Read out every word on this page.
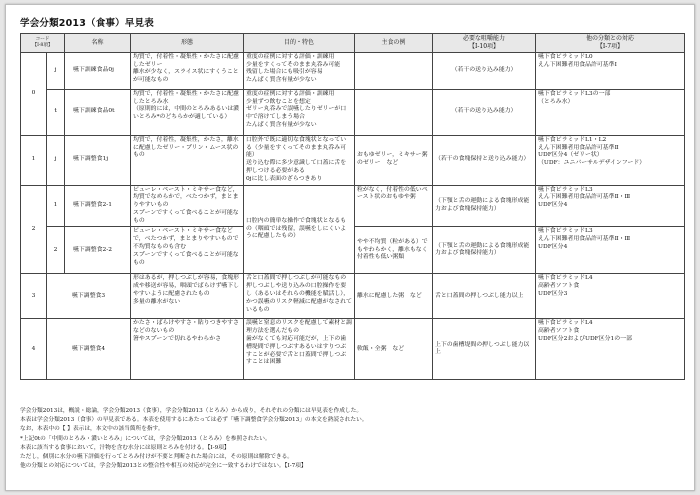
学会分類2013（食事）早見表
コード
【I-8項】		名称	形態	目的・特色	主食の例	必要な咀嚼能力
【I-10項】	他の分類との対応
【I-7項】
0	j	嚥下訓練食品0j	均質で，付着性・凝集性・かたさに配慮したゼリー
離水が少なく，スライス状にすくうことが可能なもの	重度の症例に対する評価・訓練用
少量をすくってそのまま丸呑み可能
残留した場合にも吸引が容易
たんぱく質含有量が少ない		（若干の送り込み能力）	嚥下食ピラミッドL0
えん下困難者用食品許可基準Ⅰ
	t	嚥下訓練食品0t	均質で，付着性・凝集性・かたさに配慮したとろみ水
（原則的には，中間のとろみあるいは濃いとろみ*のどちらかが適している）	重度の症例に対する評価・訓練用
少量ずつ飲むことを想定
ゼリー丸呑みで誤嚥したりゼリーが口中で溶けてしまう場合
たんぱく質含有量が少ない		（若干の送り込み能力）	嚥下食ピラミッドL3の一部
（とろみ水）
1	j	嚥下調整食1j	均質で，付着性，凝集性，かたさ，離水に配慮したゼリー・プリン・ムース状のもの	口腔外で既に適切な食塊状となっている（少量をすくってそのまま丸呑み可能）
送り込む際に多少意識して口蓋に舌を押しつける必要がある
0jに比し表面のざらつきあり	おもゆゼリー，ミキサー粥のゼリー　など	（若干の食塊保持と送り込み能力）	嚥下食ピラミッドL1・L2
えん下困難者用食品許可基準Ⅱ
UDF区分4（ゼリー状）
（UDF：ユニバーサルデザインフード）
2	1	嚥下調整食2-1	ピューレ・ペースト・ミキサー食など，均質でなめらかで，べたつかず，まとまりやすいもの
スプーンですくって食べることが可能なもの	口腔内の簡単な操作で食塊状となるもの（咽頭では残留，誤嚥をしにくいように配慮したもの）	粒がなく，付着性の低いペースト状のおもゆや粥	（下顎と舌の運動による食塊形成能力および食塊保持能力）	嚥下食ピラミッドL3
えん下困難者用食品許可基準Ⅱ・Ⅲ
UDF区分4
	2	嚥下調整食2-2	ピューレ・ペースト・ミキサー食などで，べたつかず，まとまりやすいもので不均質なものも含む
スプーンですくって食べることが可能なもの		やや不均質（粒がある）でもやわらかく，離水もなく付着性も低い粥類	（下顎と舌の運動による食塊形成能力および食塊保持能力）	嚥下食ピラミッドL3
えん下困難者用食品許可基準Ⅱ・Ⅲ
UDF区分4
3	嚥下調整食3		形はあるが，押しつぶしが容易，食塊形成や移送が容易，咽頭でばらけず嚥下しやすいように配慮されたもの
多量の離水がない	舌と口蓋間で押しつぶしが可能なもの
押しつぶしや送り込みの口腔操作を要し（あるいはそれらの機能を賦活し），かつ誤嚥のリスク軽減に配慮がなされているもの	離水に配慮した粥　など	舌と口蓋間の押しつぶし能力以上	嚥下食ピラミッドL4
高齢者ソフト食
UDF区分3
4	嚥下調整食4		かたさ・ばらけやすさ・貼りつきやすさなどのないもの
箸やスプーンで切れるやわらかさ	誤嚥と窒息のリスクを配慮して素材と調理方法を選んだもの
歯がなくても対応可能だが，上下の歯槽堤間で押しつぶすあるいはすりつぶすことが必要で舌と口蓋間で押しつぶすことは困難	軟飯・全粥　など	上下の歯槽堤間の押しつぶし能力以上	嚥下食ピラミッドL4
高齢者ソフト食
UDF区分2およびUDF区分1の一部
学会分類2013は，概説・総論，学会分類2013（食事），学会分類2013（とろみ）から成り，それぞれの分類には早見表を作成した。
本表は学会分類2013（食事）の早見表である。本表を使用するにあたっては必ず「嚥下調整食学会分類2013」の本文を熟読されたい。
なお，本表中の【 】表示は，本文中の該当箇所を指す。
*上記0tの「中間のとろみ・濃いとろみ」については，学会分類2013（とろみ）を参照されたい。
本表に該当する食事において，汁物を含む水分には原則とろみを付ける。【I-9項】
ただし，個別に水分の嚥下評価を行ってとろみ付けが不要と判断された場合には，その原則は解除できる。
他の分類との対応については，学会分類2013との整合性や相互の対応が完全に一致するわけではない。【I-7項】
